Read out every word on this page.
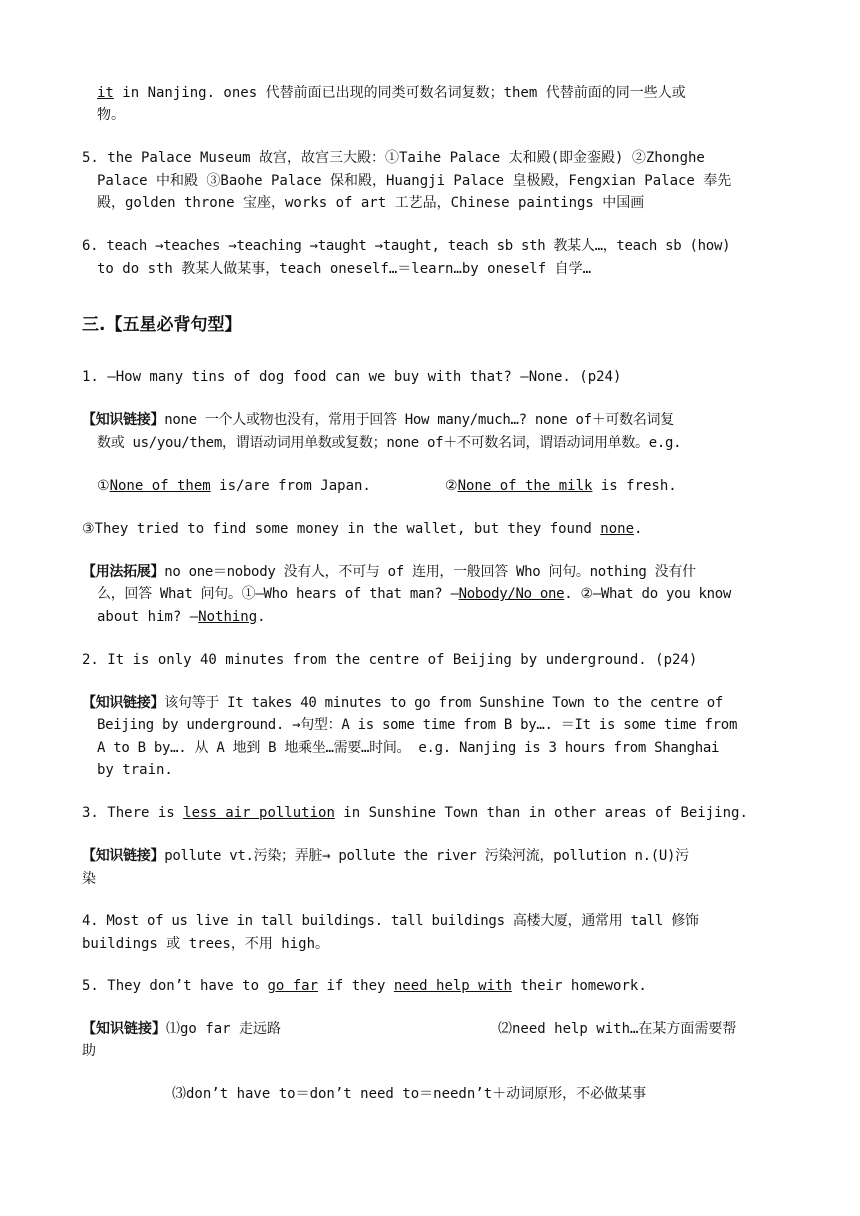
it in Nanjing. ones 代替前面已出现的同类可数名词复数；them 代替前面的同一些人或

物。

5. the Palace Museum 故宫，故宫三大殿：①Taihe Palace 太和殿(即金銮殿) ②Zhonghe

Palace 中和殿 ③Baohe Palace 保和殿，Huangji Palace 皇极殿，Fengxian Palace 奉先

殿，golden throne 宝座，works of art 工艺品，Chinese paintings 中国画

6. teach →teaches →teaching →taught →taught, teach sb sth 教某人…，teach sb (how)

to do sth 教某人做某事，teach oneself…＝learn…by oneself 自学…

三.【五星必背句型】

1. —How many tins of dog food can we buy with that? —None. (p24)

【知识链接】none 一个人或物也没有，常用于回答 How many/much…? none of＋可数名词复

数或 us/you/them，谓语动词用单数或复数；none of＋不可数名词，谓语动词用单数。e.g.

①None of them is/are from Japan.	②None of the milk is fresh.

③They tried to find some money in the wallet, but they found none.

【用法拓展】no one＝nobody 没有人，不可与 of 连用，一般回答 Who 问句。nothing 没有什

么，回答 What 问句。①—Who hears of that man? —Nobody/No one. ②—What do you know

about him? —Nothing.

2. It is only 40 minutes from the centre of Beijing by underground. (p24)

【知识链接】该句等于 It takes 40 minutes to go from Sunshine Town to the centre of

Beijing by underground. →句型：A is some time from B by…. ＝It is some time from

A to B by…. 从 A 地到 B 地乘坐…需要…时间。 e.g. Nanjing is 3 hours from Shanghai

by train.

3. There is less air pollution in Sunshine Town than in other areas of Beijing.

【知识链接】pollute vt.污染；弄脏→ pollute the river 污染河流，pollution n.(U)污

染

4. Most of us live in tall buildings. tall buildings 高楼大厦，通常用 tall 修饰

buildings 或 trees，不用 high。

5. They don’t have to go far if they need help with their homework.

【知识链接】⑴go far 走远路	⑵need help with…在某方面需要帮

助

⑶don’t have to＝don’t need to＝needn’t＋动词原形，不必做某事
